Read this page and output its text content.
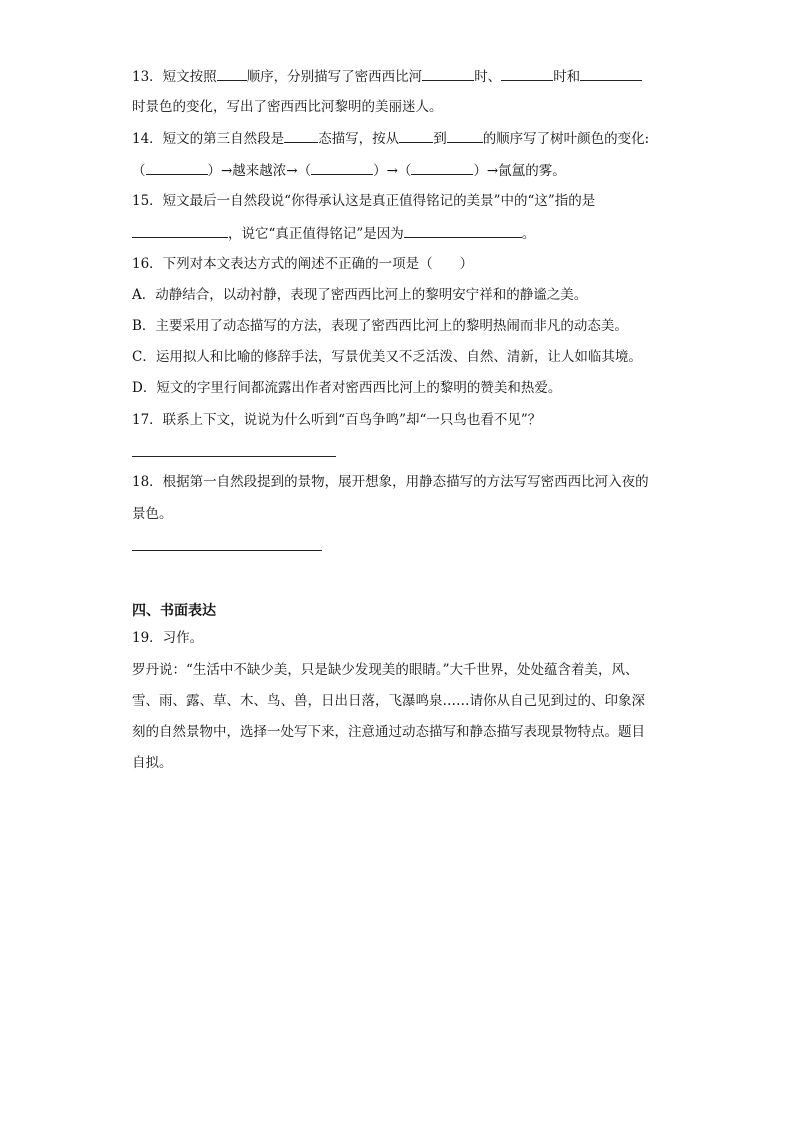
13．短文按照 顺序，分别描写了密西西比河	时、	时和
时景色的变化，写出了密西西比河黎明的美丽迷人。
14．短文的第三自然段是	态描写，按从	到	的顺序写了树叶颜色的变化:
（	）→越来越浓→（	）→（	）→氤氲的雾。
15．短文最后一自然段说“你得承认这是真正值得铭记的美景”中的“这”指的是
，说它“真正值得铭记”是因为	。
16．下列对本文表达方式的阐述不正确的一项是（　　）
A．动静结合，以动衬静，表现了密西西比河上的黎明安宁祥和的静谧之美。
B．主要采用了动态描写的方法，表现了密西西比河上的黎明热闹而非凡的动态美。
C．运用拟人和比喻的修辞手法，写景优美又不乏活泼、自然、清新，让人如临其境。
D．短文的字里行间都流露出作者对密西西比河上的黎明的赞美和热爱。
17．联系上下文，说说为什么听到“百鸟争鸣”却“一只鸟也看不见”？
18．根据第一自然段提到的景物，展开想象，用静态描写的方法写写密西西比河入夜的
景色。
四、书面表达
19．习作。
罗丹说：“生活中不缺少美，只是缺少发现美的眼睛。”大千世界，处处蕴含着美，风、
雪、雨、露、草、木、鸟、兽，日出日落，飞瀑鸣泉……请你从自己见到过的、印象深
刻的自然景物中，选择一处写下来，注意通过动态描写和静态描写表现景物特点。题目
自拟。
